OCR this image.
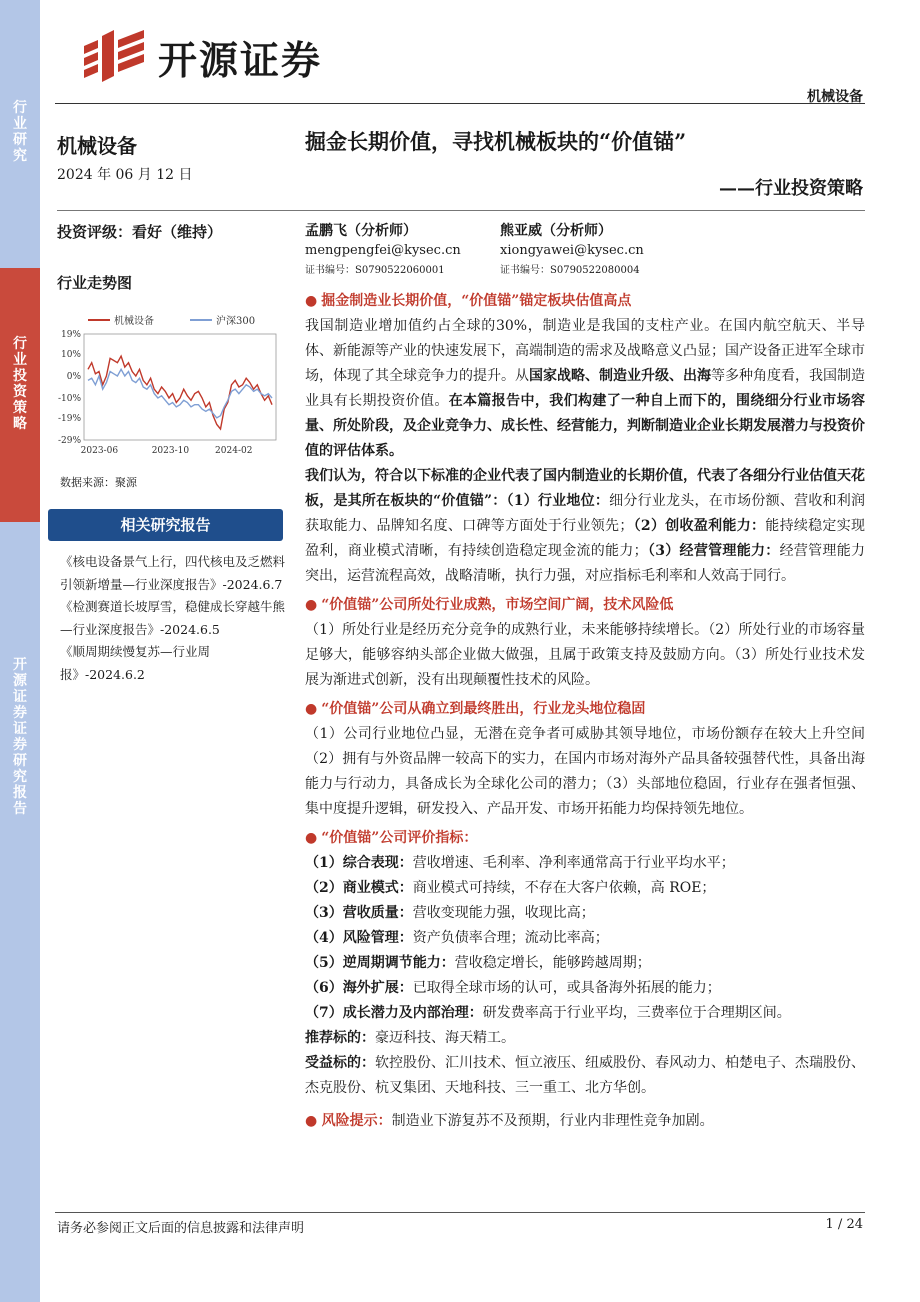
行业研究
行业投资策略
开源证券 证券研究报告
开源证券
机械设备
机械设备
2024 年 06 月 12 日
掘金长期价值，寻找机械板块的“价值锚”
——行业投资策略
投资评级：看好（维持）	孟鹏飞（分析师）
mengpengfei@kysec.cn
证书编号：S0790522060001
熊亚威（分析师）
xiongyawei@kysec.cn
证书编号：S0790522080004
行业走势图
19%
10%
0%
-10%
-19%
-29%
2023-06	2023-10	2024-02
机械设备	沪深300
数据来源：聚源
相关研究报告
《核电设备景气上行，四代核电及乏燃料引领新增量—行业深度报告》-2024.6.7
《检测赛道长坡厚雪，稳健成长穿越牛熊—行业深度报告》-2024.6.5
《顺周期续慢复苏—行业周报》-2024.6.2

● 掘金制造业长期价值，“价值锚”锚定板块估值高点

我国制造业增加值约占全球的30%，制造业是我国的支柱产业。在国内航空航天、半导体、新能源等产业的快速发展下，高端制造的需求及战略意义凸显；国产设备正进军全球市场，体现了其全球竞争力的提升。从国家战略、制造业升级、出海等多种角度看，我国制造业具有长期投资价值。在本篇报告中，我们构建了一种自上而下的，围绕细分行业市场容量、所处阶段，及企业竞争力、成长性、经营能力，判断制造业企业长期发展潜力与投资价值的评估体系。

我们认为，符合以下标准的企业代表了国内制造业的长期价值，代表了各细分行业估值天花板，是其所在板块的“价值锚”：（1）行业地位：细分行业龙头，在市场份额、营收和利润获取能力、品牌知名度、口碑等方面处于行业领先；（2）创收盈利能力：能持续稳定实现盈利，商业模式清晰，有持续创造稳定现金流的能力；（3）经营管理能力：经营管理能力突出，运营流程高效，战略清晰，执行力强，对应指标毛利率和人效高于同行。

● “价值锚”公司所处行业成熟，市场空间广阔，技术风险低

（1）所处行业是经历充分竞争的成熟行业，未来能够持续增长。（2）所处行业的市场容量足够大，能够容纳头部企业做大做强，且属于政策支持及鼓励方向。（3）所处行业技术发展为渐进式创新，没有出现颠覆性技术的风险。

● “价值锚”公司从确立到最终胜出，行业龙头地位稳固

（1）公司行业地位凸显，无潜在竞争者可威胁其领导地位，市场份额存在较大上升空间（2）拥有与外资品牌一较高下的实力，在国内市场对海外产品具备较强替代性，具备出海能力与行动力，具备成长为全球化公司的潜力；（3）头部地位稳固，行业存在强者恒强、集中度提升逻辑，研发投入、产品开发、市场开拓能力均保持领先地位。

● “价值锚”公司评价指标：

（1）综合表现：营收增速、毛利率、净利率通常高于行业平均水平；

（2）商业模式：商业模式可持续，不存在大客户依赖，高 ROE；

（3）营收质量：营收变现能力强，收现比高；

（4）风险管理：资产负债率合理；流动比率高；

（5）逆周期调节能力：营收稳定增长，能够跨越周期；

（6）海外扩展：已取得全球市场的认可，或具备海外拓展的能力；

（7）成长潜力及内部治理：研发费率高于行业平均，三费率位于合理期区间。

推荐标的：豪迈科技、海天精工。

受益标的：软控股份、汇川技术、恒立液压、纽威股份、春风动力、柏楚电子、杰瑞股份、杰克股份、杭叉集团、天地科技、三一重工、北方华创。

● 风险提示：制造业下游复苏不及预期，行业内非理性竞争加剧。

请务必参阅正文后面的信息披露和法律声明	1 / 24
